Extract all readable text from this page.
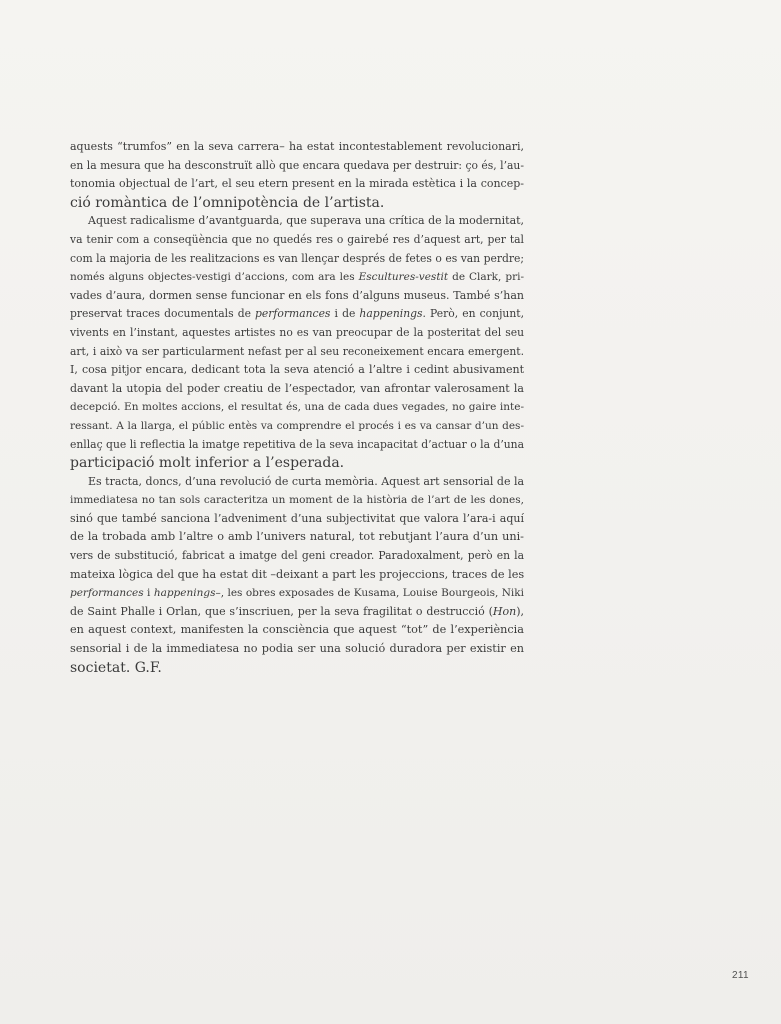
aquests “trumfos” en la seva carrera– ha estat incontestablement revolucionari,
en la mesura que ha desconstruït allò que encara quedava per destruir: ço és, l’au-
tonomia objectual de l’art, el seu etern present en la mirada estètica i la concep-
ció romàntica de l’omnipotència de l’artista.
Aquest radicalisme d’avantguarda, que superava una crítica de la modernitat,
va tenir com a conseqüència que no quedés res o gairebé res d’aquest art, per tal
com la majoria de les realitzacions es van llençar després de fetes o es van perdre;
només alguns objectes-vestigi d’accions, com ara les Escultures-vestit de Clark, pri-
vades d’aura, dormen sense funcionar en els fons d’alguns museus. També s’han
preservat traces documentals de performances i de happenings. Però, en conjunt,
vivents en l’instant, aquestes artistes no es van preocupar de la posteritat del seu
art, i això va ser particularment nefast per al seu reconeixement encara emergent.
I, cosa pitjor encara, dedicant tota la seva atenció a l’altre i cedint abusivament
davant la utopia del poder creatiu de l’espectador, van afrontar valerosament la
decepció. En moltes accions, el resultat és, una de cada dues vegades, no gaire inte-
ressant. A la llarga, el públic entès va comprendre el procés i es va cansar d’un des-
enllaç que li reflectia la imatge repetitiva de la seva incapacitat d’actuar o la d’una
participació molt inferior a l’esperada.
Es tracta, doncs, d’una revolució de curta memòria. Aquest art sensorial de la
immediatesa no tan sols caracteritza un moment de la història de l’art de les dones,
sinó que també sanciona l’adveniment d’una subjectivitat que valora l’ara-i aquí
de la trobada amb l’altre o amb l’univers natural, tot rebutjant l’aura d’un uni-
vers de substitució, fabricat a imatge del geni creador. Paradoxalment, però en la
mateixa lògica del que ha estat dit –deixant a part les projeccions, traces de les
performances i happenings–, les obres exposades de Kusama, Louise Bourgeois, Niki
de Saint Phalle i Orlan, que s’inscriuen, per la seva fragilitat o destrucció (Hon),
en aquest context, manifesten la consciència que aquest “tot” de l’experiència
sensorial i de la immediatesa no podia ser una solució duradora per existir en
societat. G.F.
211
